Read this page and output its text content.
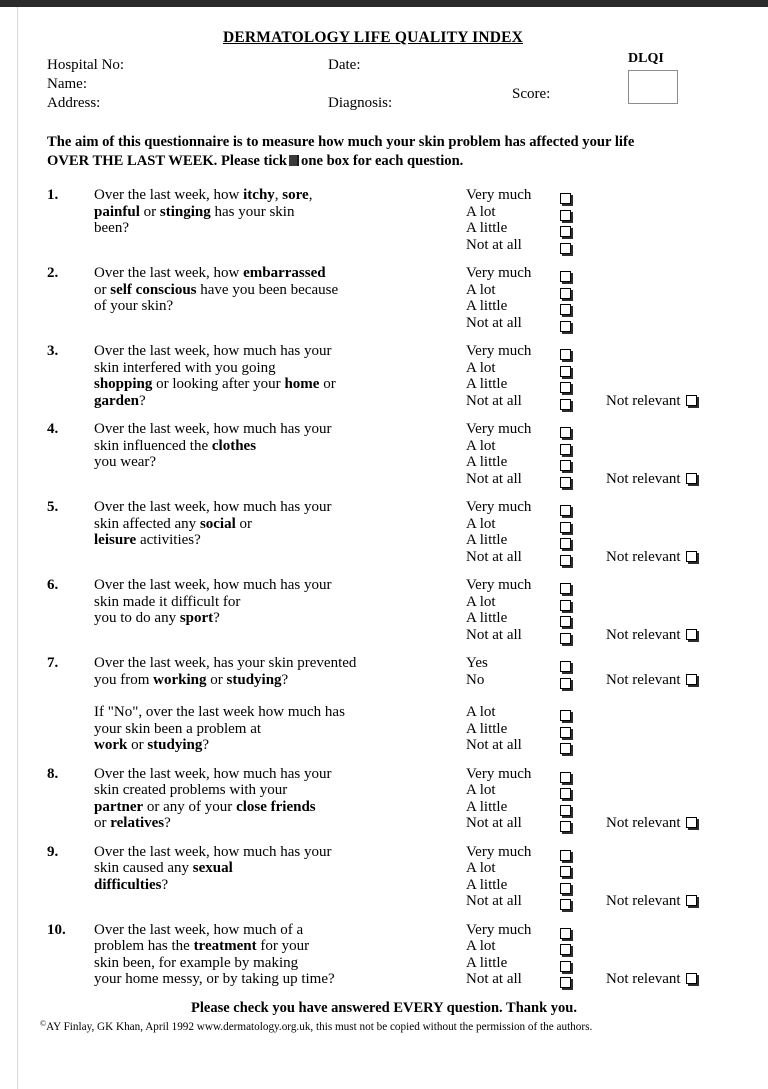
DERMATOLOGY LIFE QUALITY INDEX
DLQI
Score:
Hospital No:
Name:
Address:
Date:
Diagnosis:
The aim of this questionnaire is to measure how much your skin problem has affected your life
OVER THE LAST WEEK. Please tick one box for each question.
1. Over the last week, how itchy, sore,
painful or stinging has your skin
been?
Very much
A lot
A little
Not at all
2. Over the last week, how embarrassed
or self conscious have you been because
of your skin?
Very much
A lot
A little
Not at all
3. Over the last week, how much has your
skin interfered with you going
shopping or looking after your home or
garden?
Very much
A lot
A little
Not at all	Not relevant
4. Over the last week, how much has your
skin influenced the clothes
you wear?
Very much
A lot
A little
Not at all	Not relevant
5. Over the last week, how much has your
skin affected any social or
leisure activities?
Very much
A lot
A little
Not at all	Not relevant
6. Over the last week, how much has your
skin made it difficult for
you to do any sport?
Very much
A lot
A little
Not at all	Not relevant
7. Over the last week, has your skin prevented
you from working or studying?
Yes
No	Not relevant
If "No", over the last week how much has
your skin been a problem at
work or studying?
A lot
A little
Not at all
8. Over the last week, how much has your
skin created problems with your
partner or any of your close friends
or relatives?
Very much
A lot
A little
Not at all	Not relevant
9. Over the last week, how much has your
skin caused any sexual
difficulties?
Very much
A lot
A little
Not at all	Not relevant
10. Over the last week, how much of a
problem has the treatment for your
skin been, for example by making
your home messy, or by taking up time?
Very much
A lot
A little
Not at all	Not relevant
Please check you have answered EVERY question. Thank you.
©AY Finlay, GK Khan, April 1992 www.dermatology.org.uk, this must not be copied without the permission of the authors.
